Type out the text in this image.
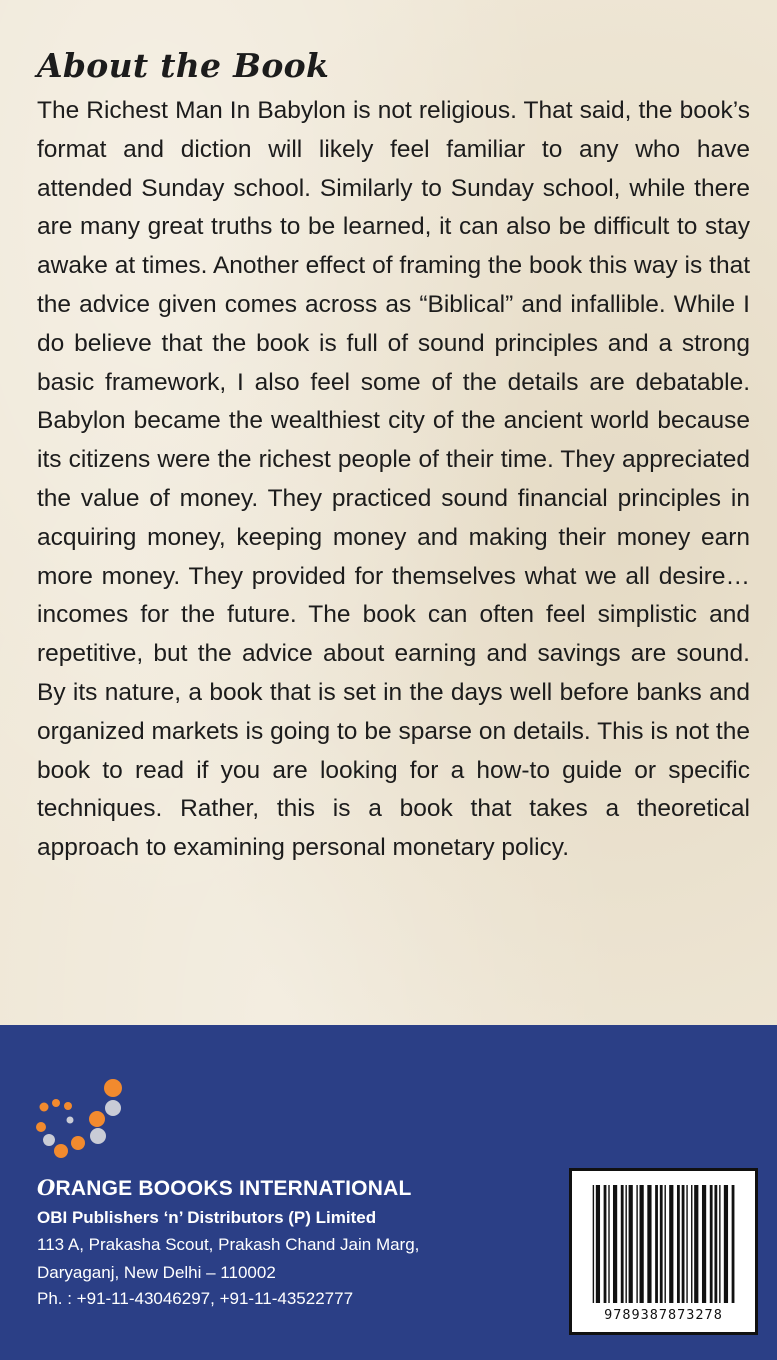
About the Book

The Richest Man In Babylon is not religious. That said, the book’s format and diction will likely feel familiar to any who have attended Sunday school. Similarly to Sunday school, while there are many great truths to be learned, it can also be difficult to stay awake at times. Another effect of framing the book this way is that the advice given comes across as “Biblical” and infallible. While I do believe that the book is full of sound principles and a strong basic framework, I also feel some of the details are debatable. Babylon became the wealthiest city of the ancient world because its citizens were the richest people of their time. They appreciated the value of money. They practiced sound financial principles in acquiring money, keeping money and making their money earn more money. They provided for themselves what we all desire…incomes for the future. The book can often feel simplistic and repetitive, but the advice about earning and savings are sound. By its nature, a book that is set in the days well before banks and organized markets is going to be sparse on details. This is not the book to read if you are looking for a how-to guide or specific techniques. Rather, this is a book that takes a theoretical approach to examining personal monetary policy.

ORANGE BOOOKS INTERNATIONAL
OBI Publishers ‘n’ Distributors (P) Limited
113 A, Prakasha Scout, Prakash Chand Jain Marg,
Daryaganj, New Delhi – 110002
Ph. : +91-11-43046297, +91-11-43522777
9789387873278
